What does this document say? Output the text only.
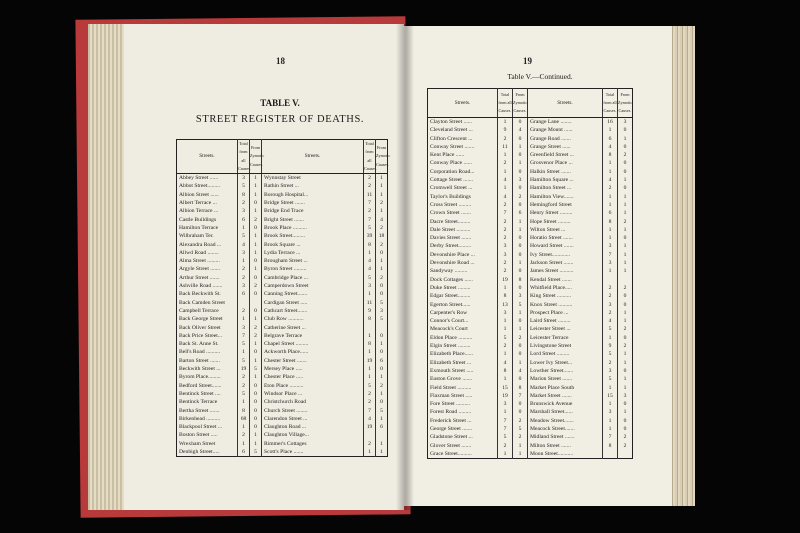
18
TABLE V.
STREET REGISTER OF DEATHS.
Streets.	Total from all Causes.	From Zymotic Causes.	Streets.	Total from all Causes.	From Zymotic Causes.
Abbey Street ......	3	1	Wynnstay Street	2	1
Abbot Street.........	5	1	Rathin Street ...	2	1
Albion Street ......	8	1	Borough Hospital...	11	1
Albert Terrace ...	2	0	Bridge Street .......	7	2
Albion Terrace ...	3	1	Bridge End Trace	2	1
Castle Buildings	6	2	Bright Street .......	7	4
Hamilton Terrace	1	0	Brook Place ..........	5	2
Wilbraham Ter.	5	1	Brook Street.........	39	18
Alexandra Road ...	4	1	Brook Square ...	8	2
Allwd Road ........	3	1	Lydia Terrace ...	1	0
Alma Street .........	1	0	Brougham Street ...	4	1
Argyle Street .......	2	1	Byron Street .........	4	1
Arthur Street .......	2	0	Cambridge Place ...	5	2
Ashville Road .......	3	2	Camperdown Street	3	0
Back Beckwith St.	6	0	Canning Street.......	1	0
Back Camden Street			Cardigan Street .....	11	5
Campbell Terrace	2	0	Cathcart Street.......	9	3
Back George Street	1	1	Club Row ...........	8	5
Back Oliver Street	3	2	Catherine Street ...		
Back Price Street...	7	2	Belgrave Terrace	1	0
Back St. Anne St.	5	1	Chapel Street .........	8	1
Bell's Road ..........	1	0	Ackworth Place......	1	0
Barton Street .......	5	1	Chester Street .......	19	6
Beckwith Street ...	19	5	Mersey Place .....	1	0
Byrom Place.........	2	1	Chester Place .....	1	1
Bedford Street.......	2	0	Eton Place ..........	5	2
Bentinck Street ....	5	0	Windsor Place ...	2	1
Bentinck Terrace	1	0	Christchurch Road	2	0
Bertha Street .......	8	0	Church Street ........	7	5
Birkenhead ..........	68	0	Clarendon Street ...	4	1
Blackpool Street ...	1	0	Claughton Road ...	19	6
Boston Street .....	2	1	Claughton Village...		
Wrexham Street	1	1	Rimmer's Cottages	2	1
Denbigh Street.....	6	5	Scott's Place .......	1	1
19
Table V.—Continued.
Streets.	Total from all Causes.	From Zymotic Causes.	Streets.	Total from all Causes.	From Zymotic Causes.
Clayton Street ......	1	0	Grange Lane ........	16	3
Cleveland Street ...	9	4	Grange Mount ......	1	0
Clifton Crescent ...	2	0	Grange Road .......	6	1
Conway Street .......	11	1	Grange Street ......	4	0
Kent Place ......	1	0	Greenfield Street ...	8	2
Conway Place ......	2	1	Grosvenor Place ...	1	0
Corporation Road...	1	0	Halkin Street .......	1	0
Cottage Street .......	4	3	Hamilton Square ...	4	1
Cromwell Street ...	1	0	Hamilton Street ...	2	0
Taylor's Buildings	4	2	Hamilton View.......	1	1
Cross Street .........	2	0	Hemingford Street	1	1
Crown Street .......	7	6	Henry Street .........	6	1
Dacre Street.........	2	1	Hope Street .........	8	2
Dale Street ..........	2	1	Wilton Street ...	1	1
Davies Street .......	2	0	Horatio Street .......	1	0
Derby Street.........	3	0	Howard Street .......	3	1
Devonshire Place ...	3	0	Ivy Street.............	7	1
Devonshire Road ...	2	1	Jackson Street .......	3	1
Sandyway .........	2	0	James Street ..........	1	1
Dock Cottages ......	19	8	Kendal Street .......		
Duke Street .........	1	0	Whitfield Place.....	2	2
Edgar Street.........	8	3	King Street ..........	2	0
Egerton Street......	13	5	Knox Street ..........	3	0
Carpenter's Row	3	1	Prospect Place ...	2	1
Connor's Court...	1	0	Laird Street .........	4	1
Meacock's Court	1	1	Leicester Street ...	5	2
Eldon Place ..........	5	2	Leicester Terrace	1	0
Elgin Street .........	2	0	Livingstone Street	9	2
Elizabeth Place......	1	0	Lord Street .........	5	1
Elizabeth Street ...	4	1	Lower Ivy Street...	2	1
Exmouth Street .....	8	4	Lowther Street.......	3	0
Euston Grove .......	1	0	Marion Street .......	5	1
Field Street ..........	15	8	Market Place South	1	1
Flaxman Street .....	19	7	Market Street .......	15	3
Fore Street ..........	3	0	Brunswick Avenue	1	0
Forest Road .........	1	0	Marshall Street......	3	1
Frederick Street ...	7	2	Meadow Street.......	1	0
George Street .......	7	5	Meacock Street.......	1	0
Gladstone Street ...	5	2	Midland Street .......	7	2
Glover Street .......	2	1	Milton Street .......	8	2
Grace Street..........	1	1	Moon Street...........		
